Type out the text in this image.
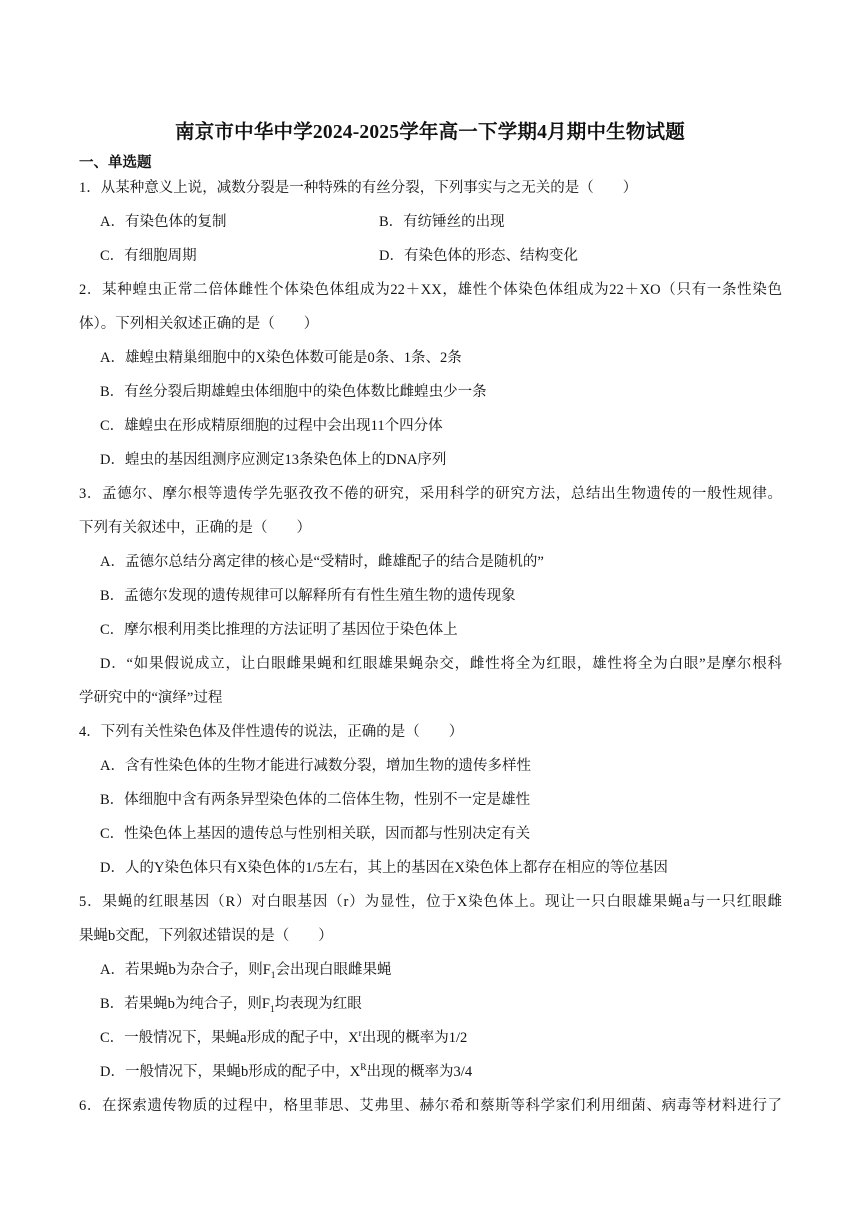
南京市中华中学2024-2025学年高一下学期4月期中生物试题
一、单选题
1．从某种意义上说，减数分裂是一种特殊的有丝分裂，下列事实与之无关的是（　　）
A．有染色体的复制	B．有纺锤丝的出现
C．有细胞周期	D．有染色体的形态、结构变化
2．某种蝗虫正常二倍体雌性个体染色体组成为22＋XX，雄性个体染色体组成为22＋XO（只有一条性染色
体）。下列相关叙述正确的是（　　）
A．雄蝗虫精巢细胞中的X染色体数可能是0条、1条、2条
B．有丝分裂后期雄蝗虫体细胞中的染色体数比雌蝗虫少一条
C．雄蝗虫在形成精原细胞的过程中会出现11个四分体
D．蝗虫的基因组测序应测定13条染色体上的DNA序列
3．孟德尔、摩尔根等遗传学先驱孜孜不倦的研究，采用科学的研究方法，总结出生物遗传的一般性规律。
下列有关叙述中，正确的是（　　）
A．孟德尔总结分离定律的核心是“受精时，雌雄配子的结合是随机的”
B．孟德尔发现的遗传规律可以解释所有有性生殖生物的遗传现象
C．摩尔根利用类比推理的方法证明了基因位于染色体上
D．“如果假说成立，让白眼雌果蝇和红眼雄果蝇杂交，雌性将全为红眼，雄性将全为白眼”是摩尔根科
学研究中的“演绎”过程
4．下列有关性染色体及伴性遗传的说法，正确的是（　　）
A．含有性染色体的生物才能进行减数分裂，增加生物的遗传多样性
B．体细胞中含有两条异型染色体的二倍体生物，性别不一定是雄性
C．性染色体上基因的遗传总与性别相关联，因而都与性别决定有关
D．人的Y染色体只有X染色体的1/5左右，其上的基因在X染色体上都存在相应的等位基因
5．果蝇的红眼基因（R）对白眼基因（r）为显性，位于X染色体上。现让一只白眼雄果蝇a与一只红眼雌
果蝇b交配，下列叙述错误的是（　　）
A．若果蝇b为杂合子，则$F_1$会出现白眼雌果蝇
B．若果蝇b为纯合子，则$F_1$均表现为红眼
C．一般情况下，果蝇a形成的配子中，$X^r$出现的概率为1/2
D．一般情况下，果蝇b形成的配子中，$X^R$出现的概率为3/4
6．在探索遗传物质的过程中，格里菲思、艾弗里、赫尔希和蔡斯等科学家们利用细菌、病毒等材料进行了
